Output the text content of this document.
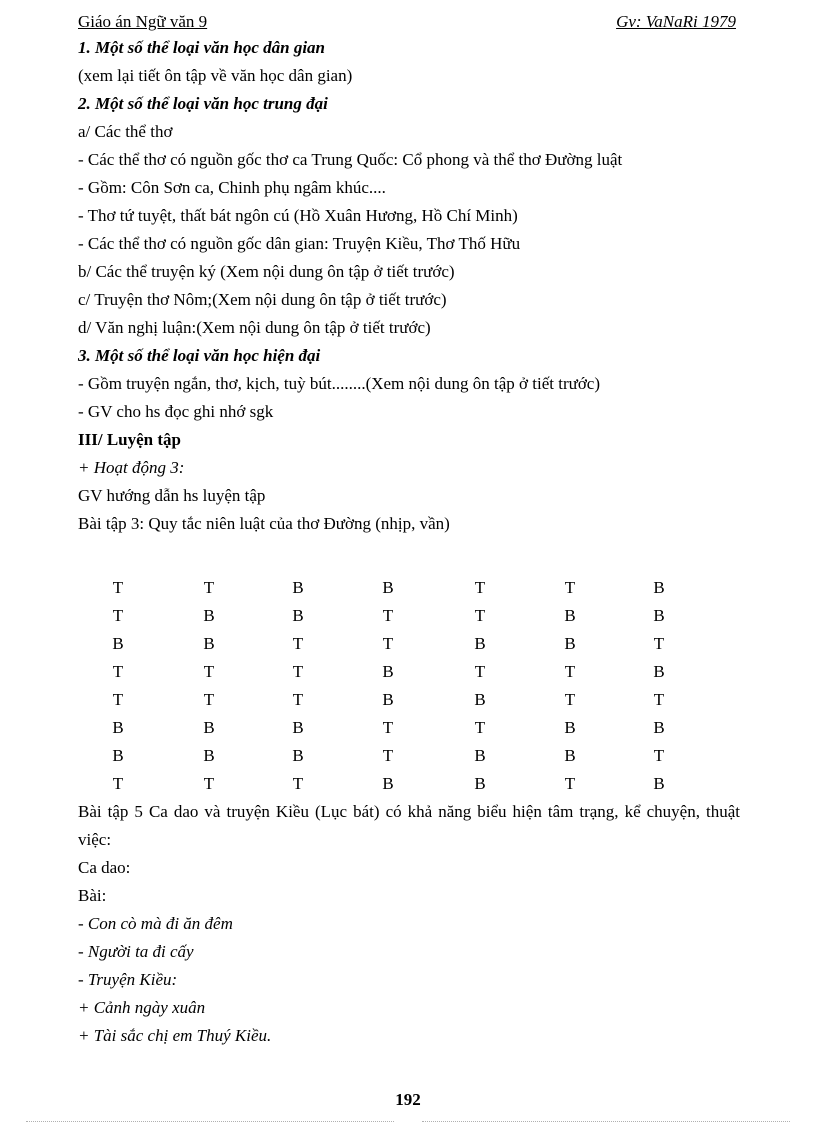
Giáo án Ngữ văn 9	Gv: VaNaRi 1979
1. Một số thể loại văn học dân gian
(xem lại tiết ôn tập về văn học dân gian)
2. Một số thể loại văn học trung đại
a/ Các thể thơ
- Các thể thơ có nguồn gốc thơ ca Trung Quốc: Cổ phong và thể thơ Đường luật
- Gồm: Côn Sơn ca, Chinh phụ ngâm khúc....
- Thơ tứ tuyệt, thất bát ngôn cú (Hồ Xuân Hương, Hồ Chí Minh)
- Các thể thơ có nguồn gốc dân gian: Truyện Kiều, Thơ Thố Hữu
b/ Các thể truyện ký (Xem nội dung ôn tập ở tiết trước)
c/ Truyện thơ Nôm;(Xem nội dung ôn tập ở tiết trước)
d/ Văn nghị luận:(Xem nội dung ôn tập ở tiết trước)
3. Một số thể loại văn học hiện đại
- Gồm truyện ngắn, thơ, kịch, tuỳ bút........(Xem nội dung ôn tập ở tiết trước)
- GV cho hs đọc ghi nhớ sgk
III/ Luyện tập
+ Hoạt động 3:
GV hướng dẫn hs luyện tập
Bài tập 3: Quy tắc niên luật của thơ Đường (nhịp, vần)
T	T	B	B	T	T	B
T	B	B	T	T	B	B
B	B	T	T	B	B	T
T	T	T	B	T	T	B
T	T	T	B	B	T	T
B	B	B	T	T	B	B
B	B	B	T	B	B	T
T	T	T	B	B	T	B

Bài tập 5 Ca dao và truyện Kiều (Lục bát) có khả năng biểu hiện tâm trạng, kể chuyện, thuật việc:

Ca dao:
Bài:
- Con cò mà đi ăn đêm
- Người ta đi cấy
- Truyện Kiều:
+ Cảnh ngày xuân
+ Tài sắc chị em Thuý Kiều.
192
